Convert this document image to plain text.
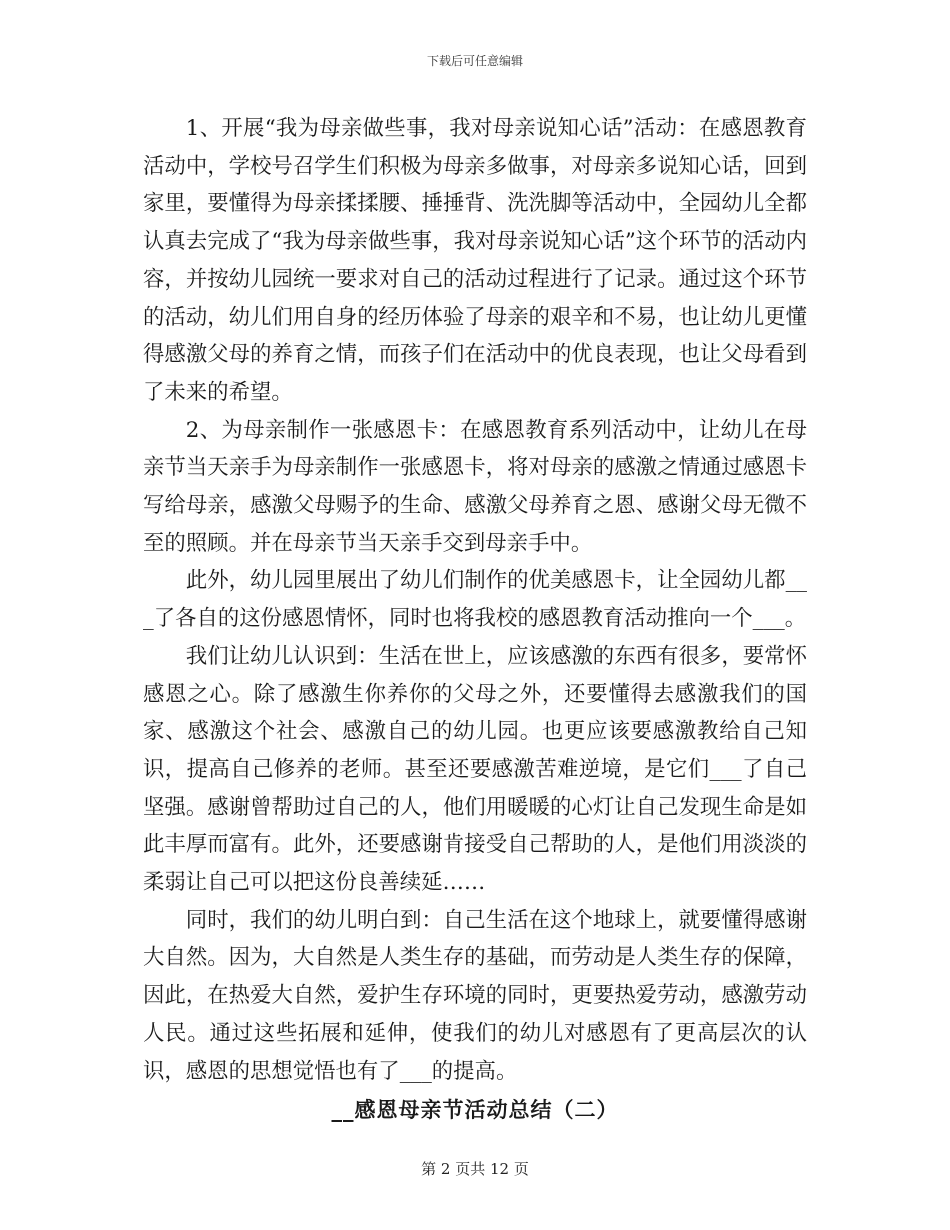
下载后可任意编辑

1、开展“我为母亲做些事，我对母亲说知心话”活动：在感恩教育活动中，学校号召学生们积极为母亲多做事，对母亲多说知心话，回到家里，要懂得为母亲揉揉腰、捶捶背、洗洗脚等活动中，全园幼儿全都认真去完成了“我为母亲做些事，我对母亲说知心话”这个环节的活动内容，并按幼儿园统一要求对自己的活动过程进行了记录。通过这个环节的活动，幼儿们用自身的经历体验了母亲的艰辛和不易，也让幼儿更懂得感激父母的养育之情，而孩子们在活动中的优良表现，也让父母看到了未来的希望。

2、为母亲制作一张感恩卡：在感恩教育系列活动中，让幼儿在母亲节当天亲手为母亲制作一张感恩卡，将对母亲的感激之情通过感恩卡写给母亲，感激父母赐予的生命、感激父母养育之恩、感谢父母无微不至的照顾。并在母亲节当天亲手交到母亲手中。

此外，幼儿园里展出了幼儿们制作的优美感恩卡，让全园幼儿都___了各自的这份感恩情怀，同时也将我校的感恩教育活动推向一个___。

我们让幼儿认识到：生活在世上，应该感激的东西有很多，要常怀感恩之心。除了感激生你养你的父母之外，还要懂得去感激我们的国家、感激这个社会、感激自己的幼儿园。也更应该要感激教给自己知识，提高自己修养的老师。甚至还要感激苦难逆境，是它们___了自己坚强。感谢曾帮助过自己的人，他们用暖暖的心灯让自己发现生命是如此丰厚而富有。此外，还要感谢肯接受自己帮助的人，是他们用淡淡的柔弱让自己可以把这份良善续延……

同时，我们的幼儿明白到：自己生活在这个地球上，就要懂得感谢大自然。因为，大自然是人类生存的基础，而劳动是人类生存的保障，因此，在热爱大自然，爱护生存环境的同时，更要热爱劳动，感激劳动人民。通过这些拓展和延伸，使我们的幼儿对感恩有了更高层次的认识，感恩的思想觉悟也有了___的提高。

__感恩母亲节活动总结（二）
第 2 页共 12 页
